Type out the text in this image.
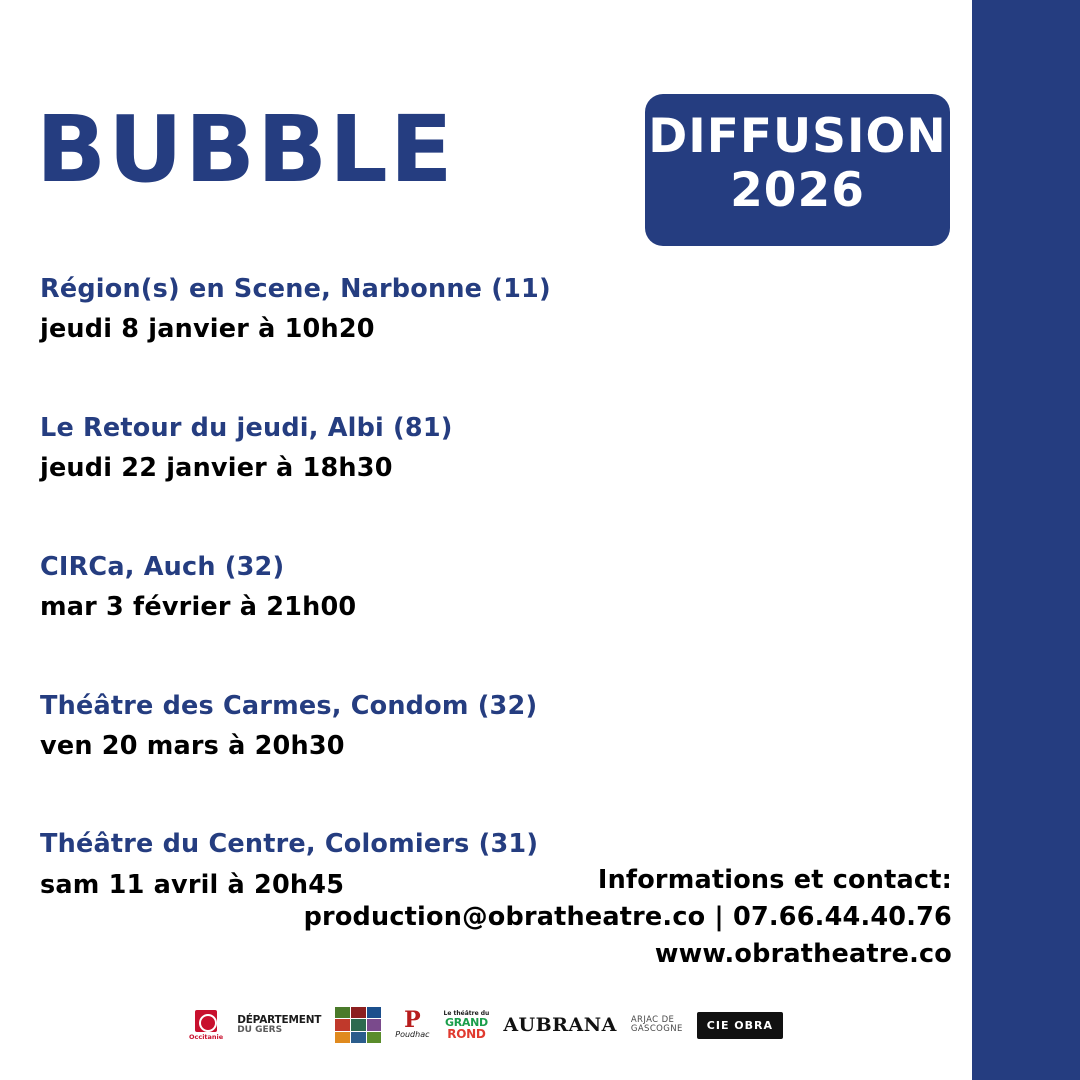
BUBBLE	DIFFUSION
2026
Région(s) en Scene, Narbonne (11)
jeudi 8 janvier à 10h20
Le Retour du jeudi, Albi (81)
jeudi 22 janvier à 18h30
CIRCa, Auch (32)
mar 3 février à 21h00
Théâtre des Carmes, Condom (32)
ven 20 mars à 20h30
Théâtre du Centre, Colomiers (31)
sam 11 avril à 20h45	Informations et contact:
production@obratheatre.co | 07.66.44.40.76
www.obratheatre.co
Occitanie
DÉPARTEMENT
DU GERS	P
Poudhac
Le théâtre du
GRAND
ROND AUBRANA ARJAC DE
GASCOGNE	CIE OBRA
